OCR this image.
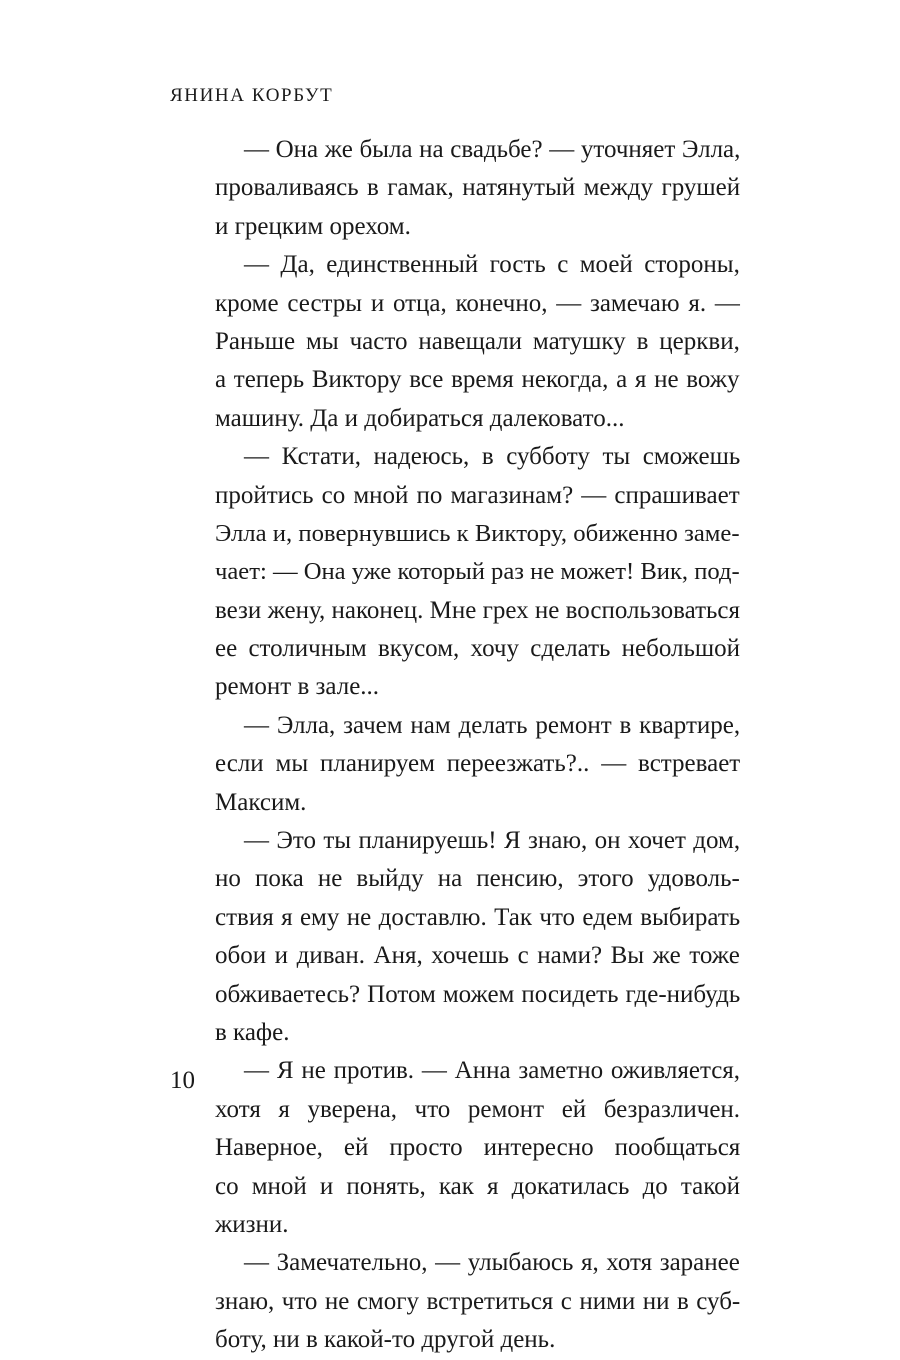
ЯНИНА КОРБУТ
— Она же была на свадьбе? — уточняет Элла,
проваливаясь в гамак, натянутый между грушей
и грецким орехом.
— Да, единственный гость с моей стороны,
кроме сестры и отца, конечно, — замечаю я. —
Раньше мы часто навещали матушку в церкви,
а теперь Виктору все время некогда, а я не вожу
машину. Да и добираться далековато...
— Кстати, надеюсь, в субботу ты сможешь
пройтись со мной по магазинам? — спрашивает
Элла и, повернувшись к Виктору, обиженно заме-
чает: — Она уже который раз не может! Вик, под-
вези жену, наконец. Мне грех не воспользоваться
ее столичным вкусом, хочу сделать небольшой
ремонт в зале...
— Элла, зачем нам делать ремонт в квартире,
если мы планируем переезжать?.. — встревает
Максим.
— Это ты планируешь! Я знаю, он хочет дом,
но пока не выйду на пенсию, этого удоволь-
ствия я ему не доставлю. Так что едем выбирать
обои и диван. Аня, хочешь с нами? Вы же тоже
обживаетесь? Потом можем посидеть где-нибудь
в кафе.
— Я не против. — Анна заметно оживляется,
хотя я уверена, что ремонт ей безразличен.
Наверное, ей просто интересно пообщаться
со мной и понять, как я докатилась до такой
жизни.
— Замечательно, — улыбаюсь я, хотя заранее
знаю, что не смогу встретиться с ними ни в суб-
боту, ни в какой-то другой день.
10
